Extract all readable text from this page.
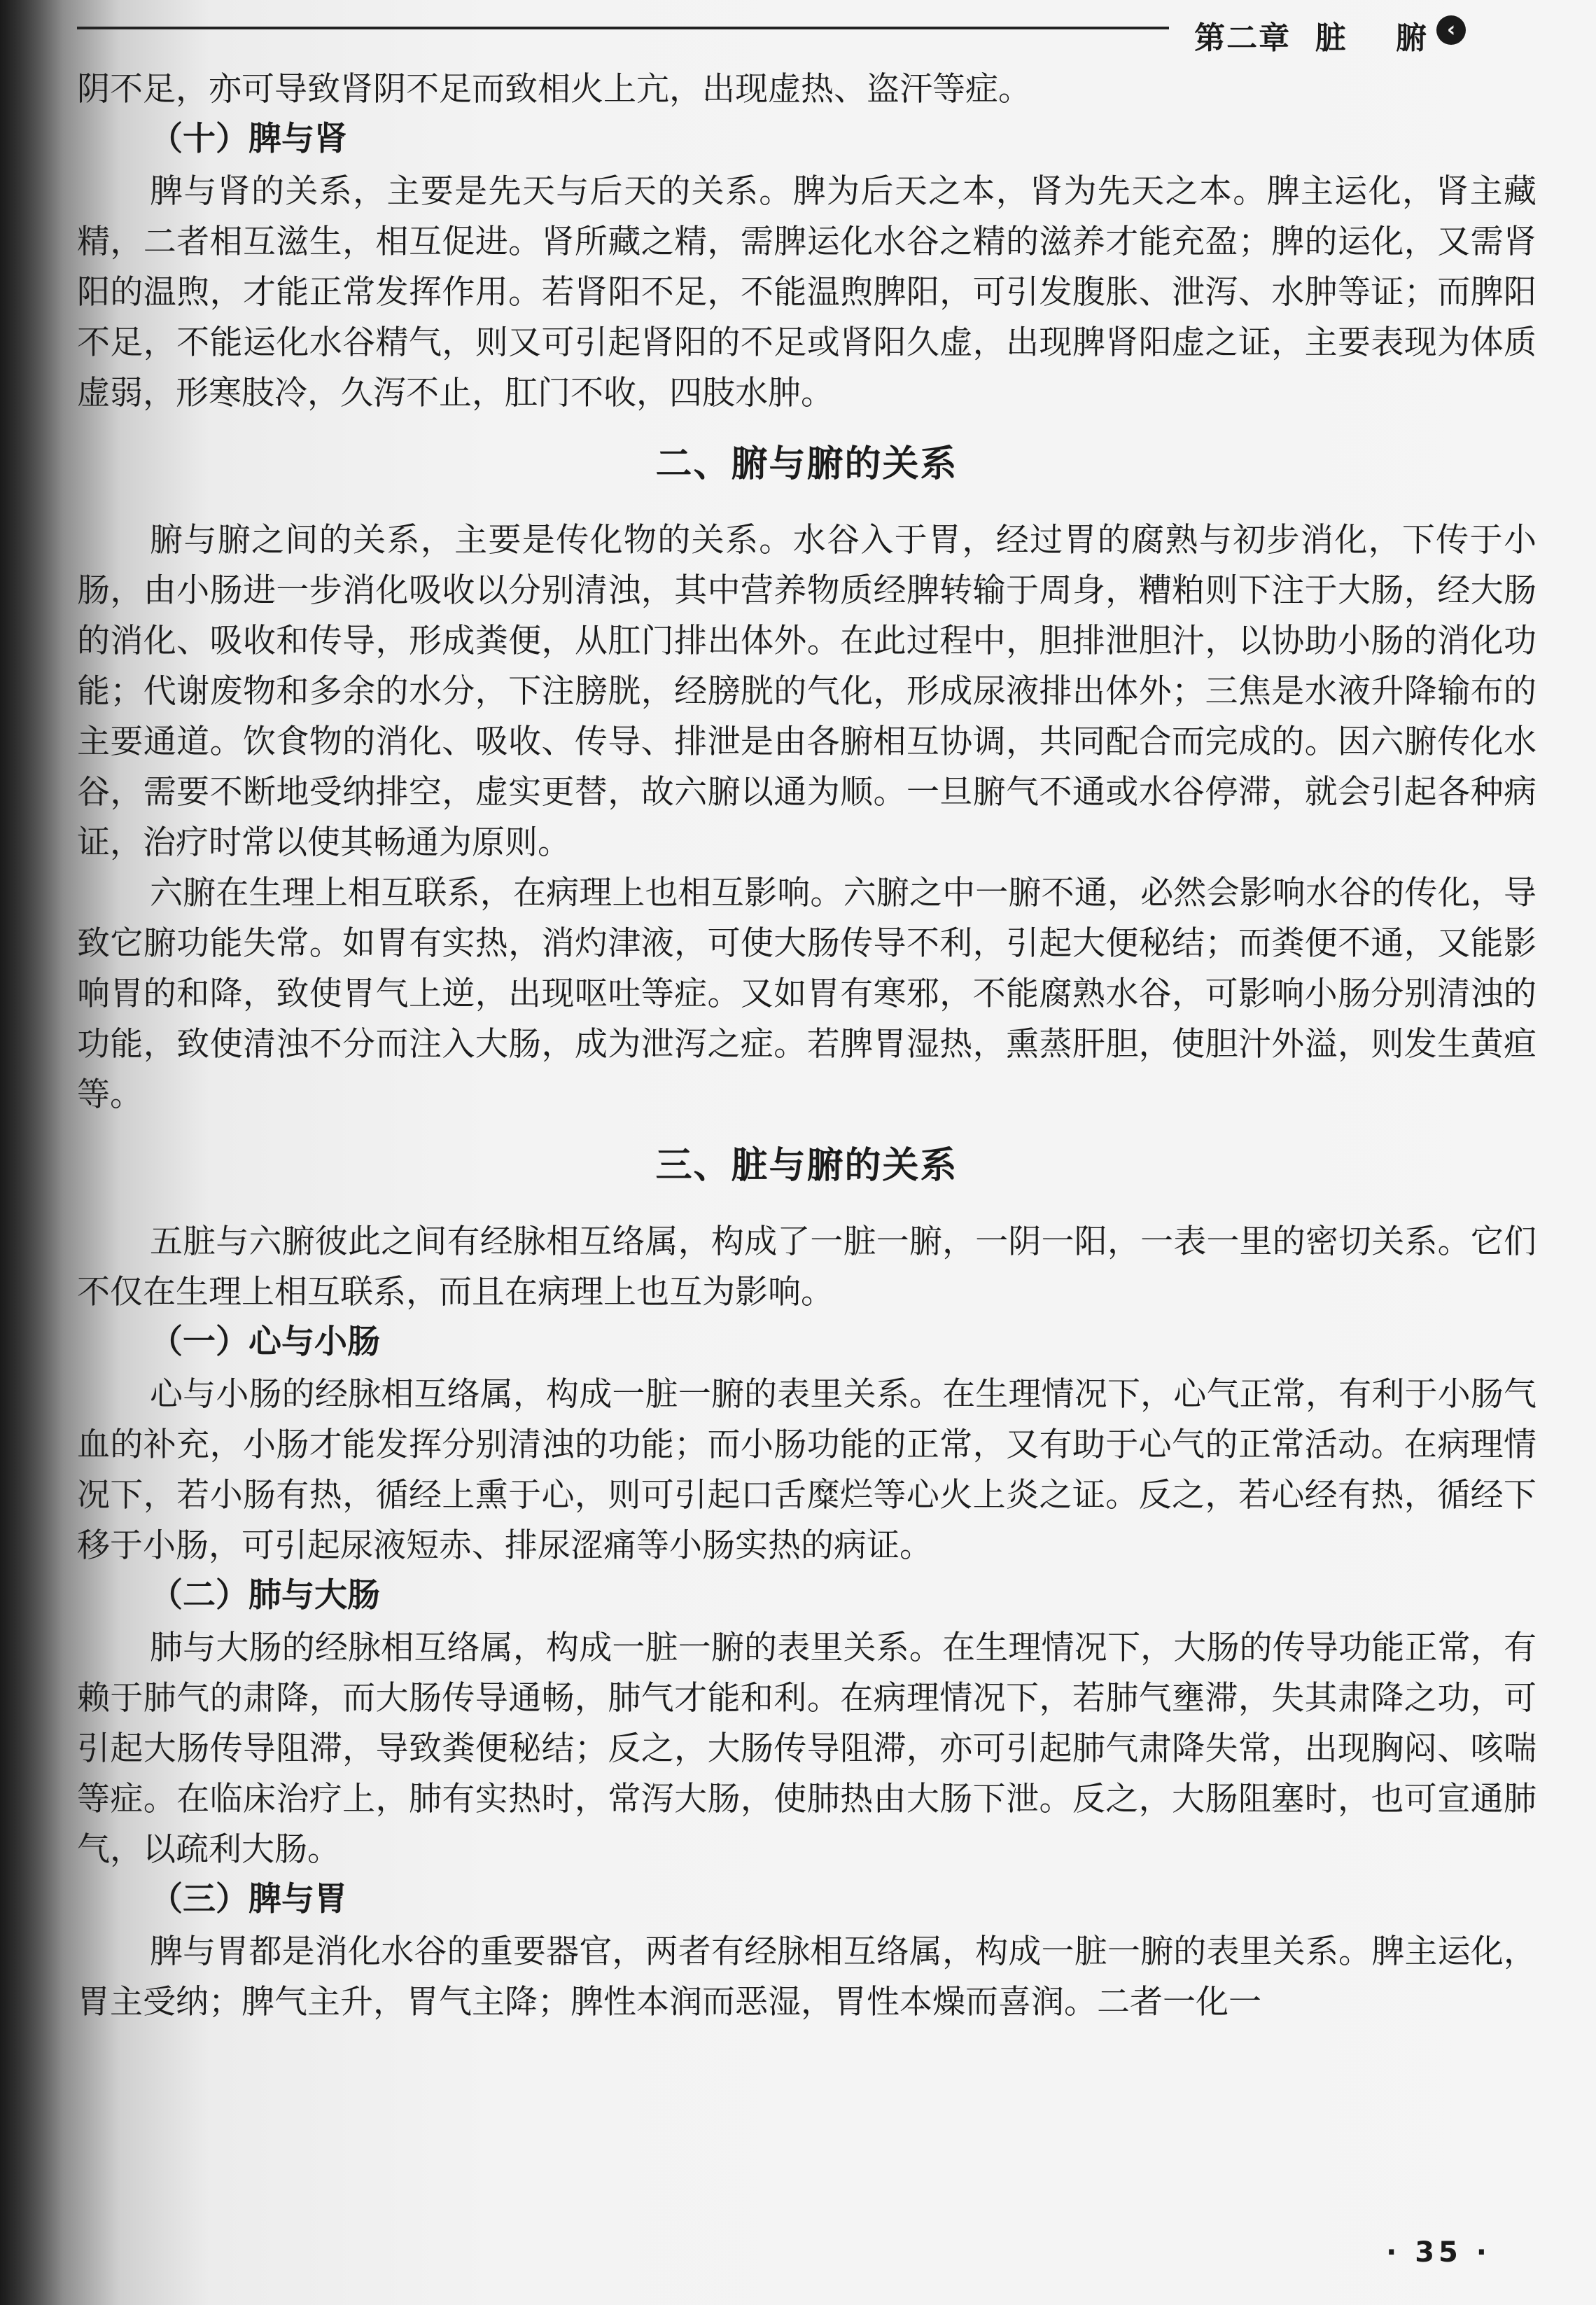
第二章  脏    腑 ‹

阴不足，亦可导致肾阴不足而致相火上亢，出现虚热、盗汗等症。

（十）脾与肾

脾与肾的关系，主要是先天与后天的关系。脾为后天之本，肾为先天之本。脾主运化，肾主藏精，二者相互滋生，相互促进。肾所藏之精，需脾运化水谷之精的滋养才能充盈；脾的运化，又需肾阳的温煦，才能正常发挥作用。若肾阳不足，不能温煦脾阳，可引发腹胀、泄泻、水肿等证；而脾阳不足，不能运化水谷精气，则又可引起肾阳的不足或肾阳久虚，出现脾肾阳虚之证，主要表现为体质虚弱，形寒肢冷，久泻不止，肛门不收，四肢水肿。

二、腑与腑的关系

腑与腑之间的关系，主要是传化物的关系。水谷入于胃，经过胃的腐熟与初步消化，下传于小肠，由小肠进一步消化吸收以分别清浊，其中营养物质经脾转输于周身，糟粕则下注于大肠，经大肠的消化、吸收和传导，形成粪便，从肛门排出体外。在此过程中，胆排泄胆汁，以协助小肠的消化功能；代谢废物和多余的水分，下注膀胱，经膀胱的气化，形成尿液排出体外；三焦是水液升降输布的主要通道。饮食物的消化、吸收、传导、排泄是由各腑相互协调，共同配合而完成的。因六腑传化水谷，需要不断地受纳排空，虚实更替，故六腑以通为顺。一旦腑气不通或水谷停滞，就会引起各种病证，治疗时常以使其畅通为原则。

六腑在生理上相互联系，在病理上也相互影响。六腑之中一腑不通，必然会影响水谷的传化，导致它腑功能失常。如胃有实热，消灼津液，可使大肠传导不利，引起大便秘结；而粪便不通，又能影响胃的和降，致使胃气上逆，出现呕吐等症。又如胃有寒邪，不能腐熟水谷，可影响小肠分别清浊的功能，致使清浊不分而注入大肠，成为泄泻之症。若脾胃湿热，熏蒸肝胆，使胆汁外溢，则发生黄疸等。

三、脏与腑的关系

五脏与六腑彼此之间有经脉相互络属，构成了一脏一腑，一阴一阳，一表一里的密切关系。它们不仅在生理上相互联系，而且在病理上也互为影响。

（一）心与小肠

心与小肠的经脉相互络属，构成一脏一腑的表里关系。在生理情况下，心气正常，有利于小肠气血的补充，小肠才能发挥分别清浊的功能；而小肠功能的正常，又有助于心气的正常活动。在病理情况下，若小肠有热，循经上熏于心，则可引起口舌糜烂等心火上炎之证。反之，若心经有热，循经下移于小肠，可引起尿液短赤、排尿涩痛等小肠实热的病证。

（二）肺与大肠

肺与大肠的经脉相互络属，构成一脏一腑的表里关系。在生理情况下，大肠的传导功能正常，有赖于肺气的肃降，而大肠传导通畅，肺气才能和利。在病理情况下，若肺气壅滞，失其肃降之功，可引起大肠传导阻滞，导致粪便秘结；反之，大肠传导阻滞，亦可引起肺气肃降失常，出现胸闷、咳喘等症。在临床治疗上，肺有实热时，常泻大肠，使肺热由大肠下泄。反之，大肠阻塞时，也可宣通肺气，以疏利大肠。

（三）脾与胃

脾与胃都是消化水谷的重要器官，两者有经脉相互络属，构成一脏一腑的表里关系。脾主运化，胃主受纳；脾气主升，胃气主降；脾性本润而恶湿，胃性本燥而喜润。二者一化一

· 35 ·
